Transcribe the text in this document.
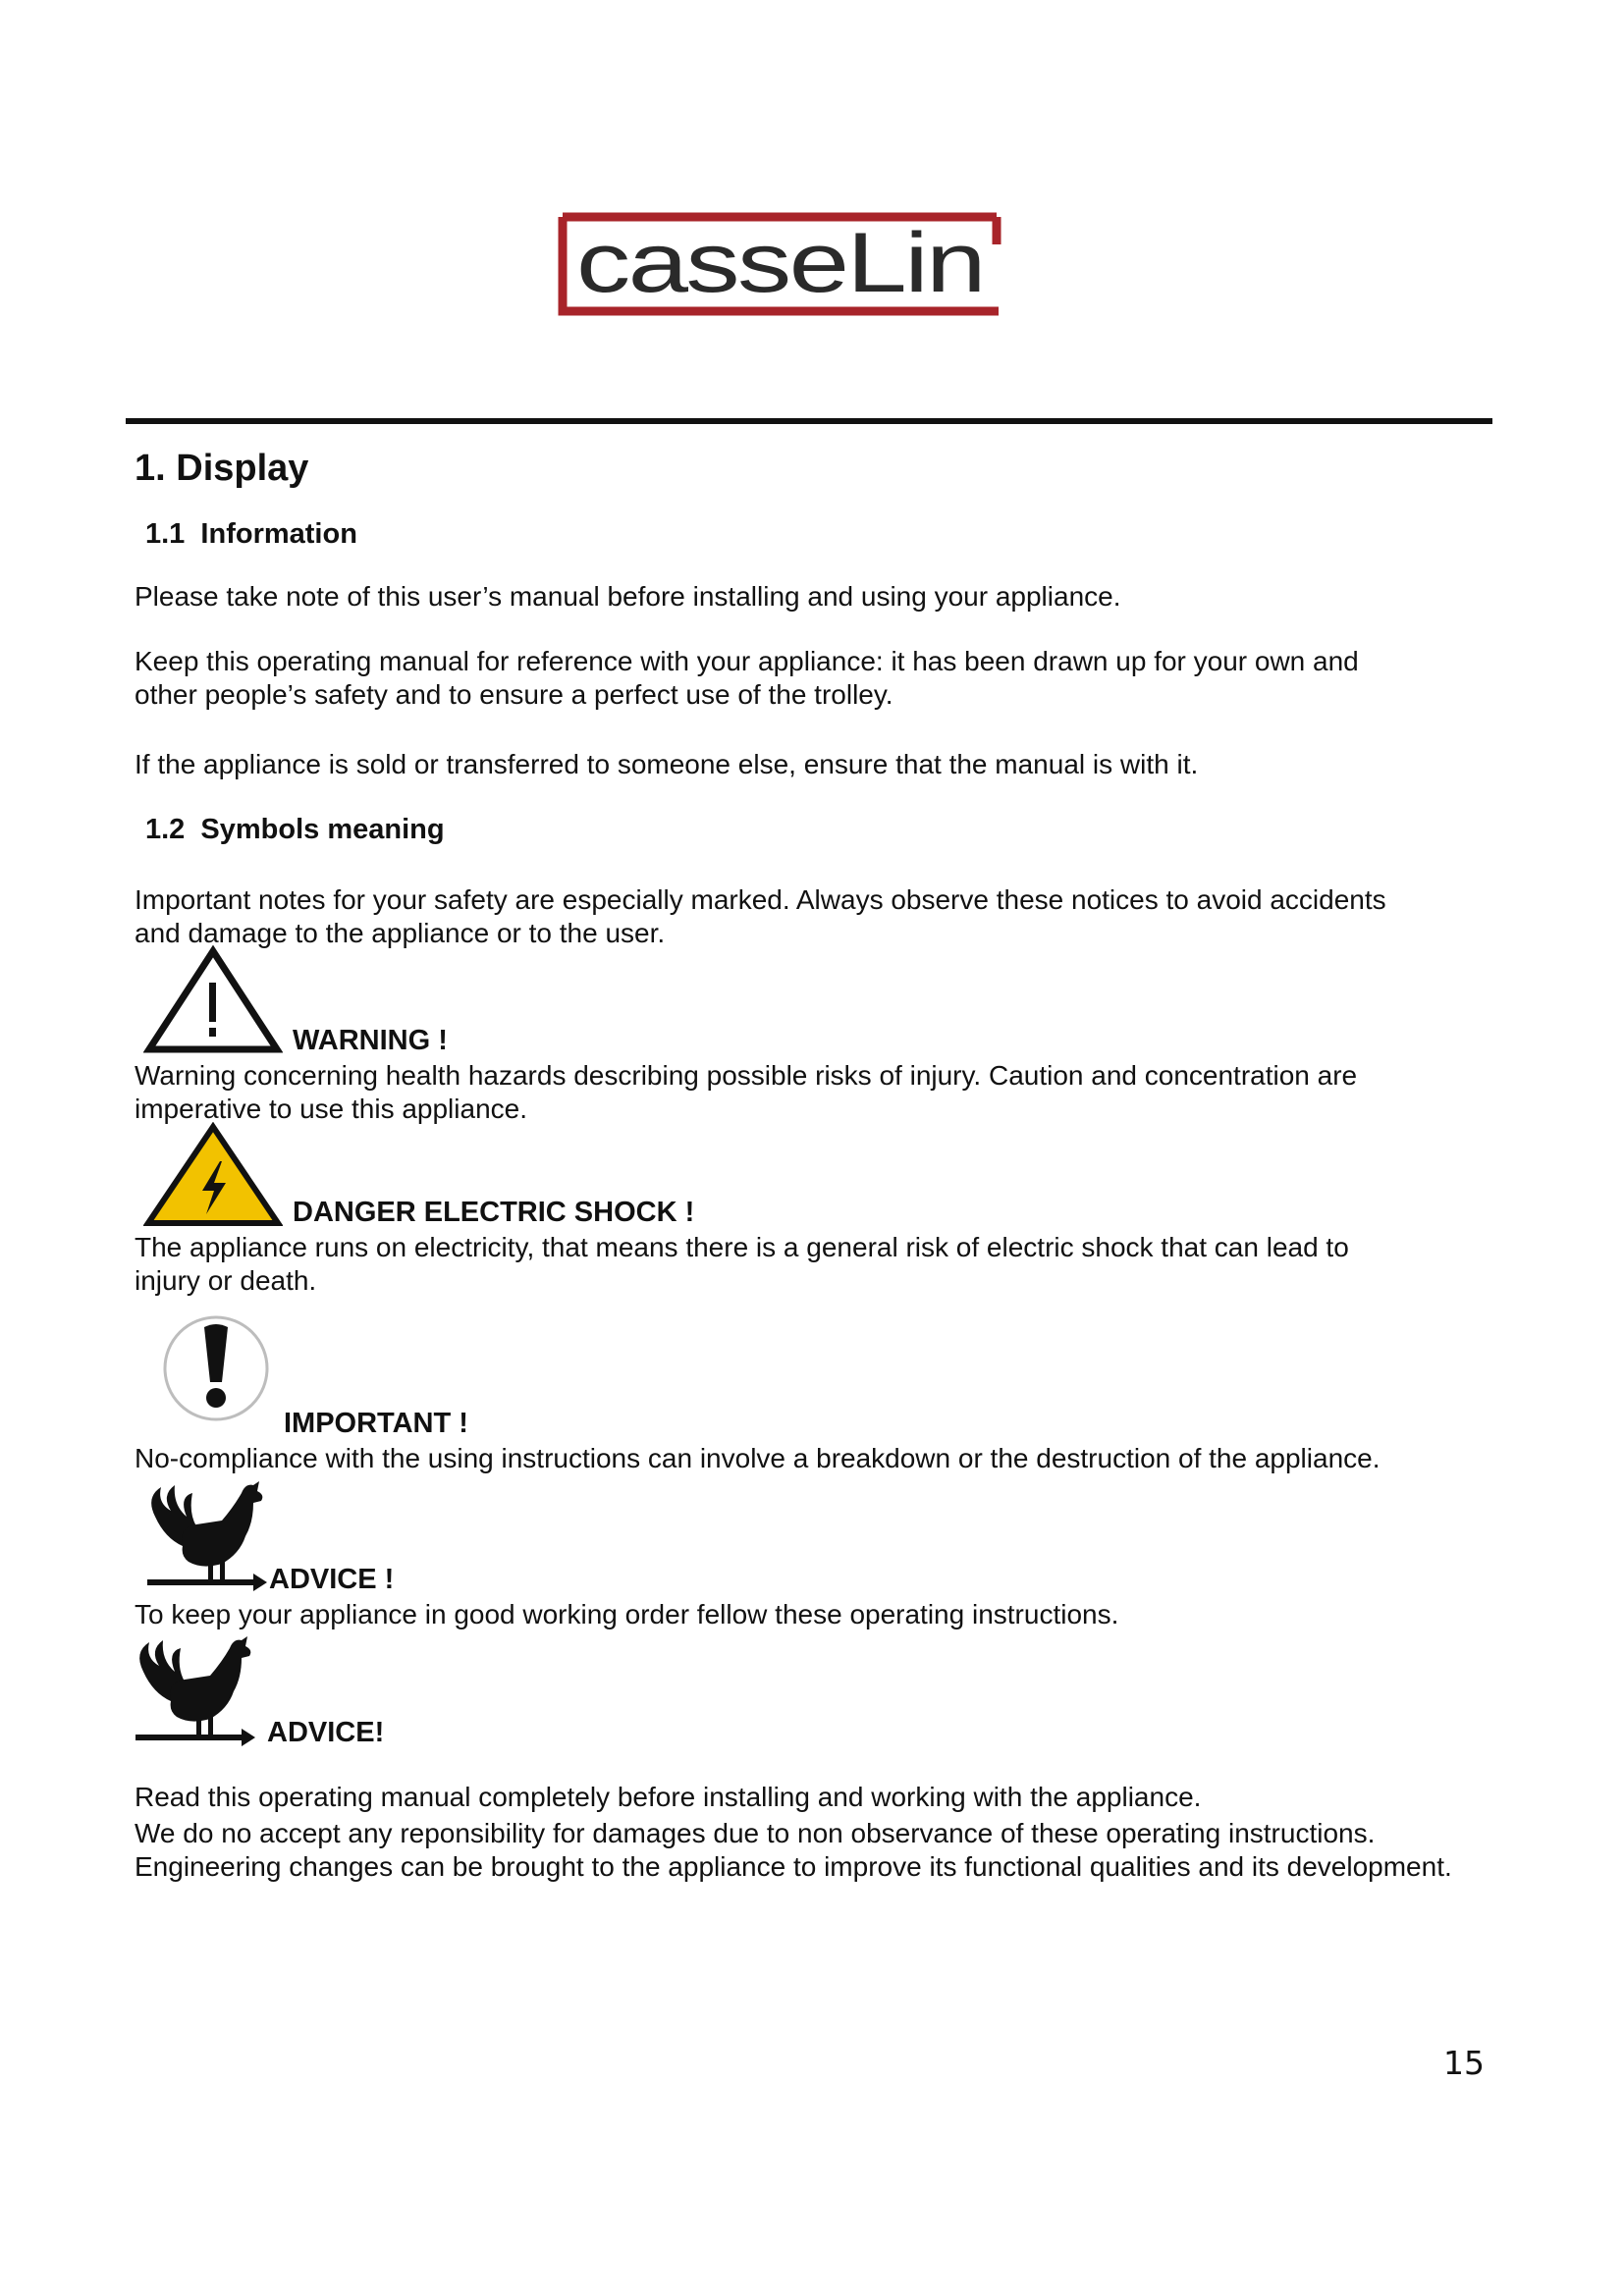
casseLin
1. Display
1.1  Information
Please take note of this user’s manual before installing and using your appliance.
Keep this operating manual for reference with your appliance: it has been drawn up for your own and
other people’s safety and to ensure a perfect use of the trolley.
If the appliance is sold or transferred to someone else, ensure that the manual is with it.
1.2  Symbols meaning
Important notes for your safety are especially marked. Always observe these notices to avoid accidents
and damage to the appliance or to the user.
WARNING !
Warning concerning health hazards describing possible risks of injury. Caution and concentration are
imperative to use this appliance.
DANGER ELECTRIC SHOCK !
The appliance runs on electricity, that means there is a general risk of electric shock that can lead to
injury or death.
IMPORTANT !
No-compliance with the using instructions can involve a breakdown or the destruction of the appliance.
ADVICE !
To keep your appliance in good working order fellow these operating instructions.
ADVICE!
Read this operating manual completely before installing and working with the appliance.
We do no accept any reponsibility for damages due to non observance of these operating instructions.
Engineering changes can be brought to the appliance to improve its functional qualities and its development.
15
